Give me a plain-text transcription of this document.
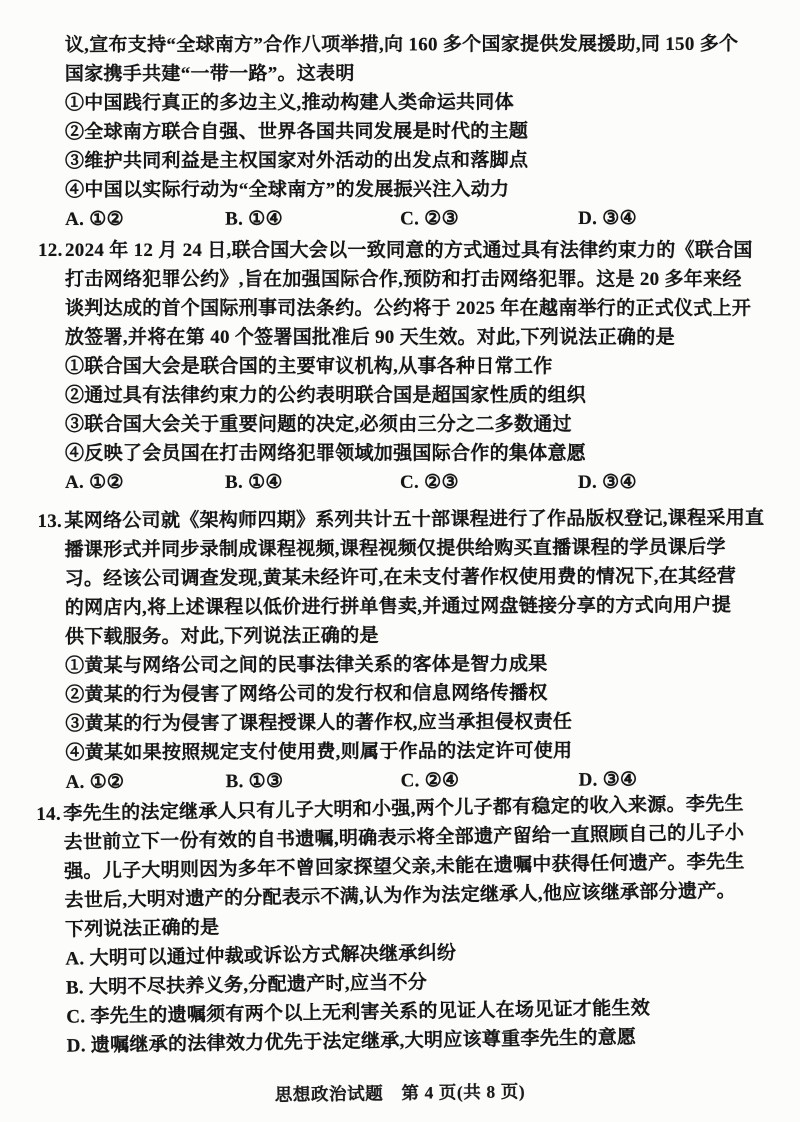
议,宣布支持“全球南方”合作八项举措,向 160 多个国家提供发展援助,同 150 多个
国家携手共建“一带一路”。这表明
①中国践行真正的多边主义,推动构建人类命运共同体
②全球南方联合自强、世界各国共同发展是时代的主题
③维护共同利益是主权国家对外活动的出发点和落脚点
④中国以实际行动为“全球南方”的发展振兴注入动力
A. ①②	B. ①④	C. ②③	D. ③④
12. 2024 年 12 月 24 日,联合国大会以一致同意的方式通过具有法律约束力的《联合国
打击网络犯罪公约》,旨在加强国际合作,预防和打击网络犯罪。这是 20 多年来经
谈判达成的首个国际刑事司法条约。公约将于 2025 年在越南举行的正式仪式上开
放签署,并将在第 40 个签署国批准后 90 天生效。对此,下列说法正确的是
①联合国大会是联合国的主要审议机构,从事各种日常工作
②通过具有法律约束力的公约表明联合国是超国家性质的组织
③联合国大会关于重要问题的决定,必须由三分之二多数通过
④反映了会员国在打击网络犯罪领域加强国际合作的集体意愿
A. ①②	B. ①④	C. ②③	D. ③④
13. 某网络公司就《架构师四期》系列共计五十部课程进行了作品版权登记,课程采用直
播课形式并同步录制成课程视频,课程视频仅提供给购买直播课程的学员课后学
习。经该公司调查发现,黄某未经许可,在未支付著作权使用费的情况下,在其经营
的网店内,将上述课程以低价进行拼单售卖,并通过网盘链接分享的方式向用户提
供下载服务。对此,下列说法正确的是
①黄某与网络公司之间的民事法律关系的客体是智力成果
②黄某的行为侵害了网络公司的发行权和信息网络传播权
③黄某的行为侵害了课程授课人的著作权,应当承担侵权责任
④黄某如果按照规定支付使用费,则属于作品的法定许可使用
A. ①②	B. ①③	C. ②④	D. ③④
14. 李先生的法定继承人只有儿子大明和小强,两个儿子都有稳定的收入来源。李先生
去世前立下一份有效的自书遗嘱,明确表示将全部遗产留给一直照顾自己的儿子小
强。儿子大明则因为多年不曾回家探望父亲,未能在遗嘱中获得任何遗产。李先生
去世后,大明对遗产的分配表示不满,认为作为法定继承人,他应该继承部分遗产。
下列说法正确的是
A. 大明可以通过仲裁或诉讼方式解决继承纠纷
B. 大明不尽扶养义务,分配遗产时,应当不分
C. 李先生的遗嘱须有两个以上无利害关系的见证人在场见证才能生效
D. 遗嘱继承的法律效力优先于法定继承,大明应该尊重李先生的意愿
思想政治试题　第 4 页(共 8 页)
